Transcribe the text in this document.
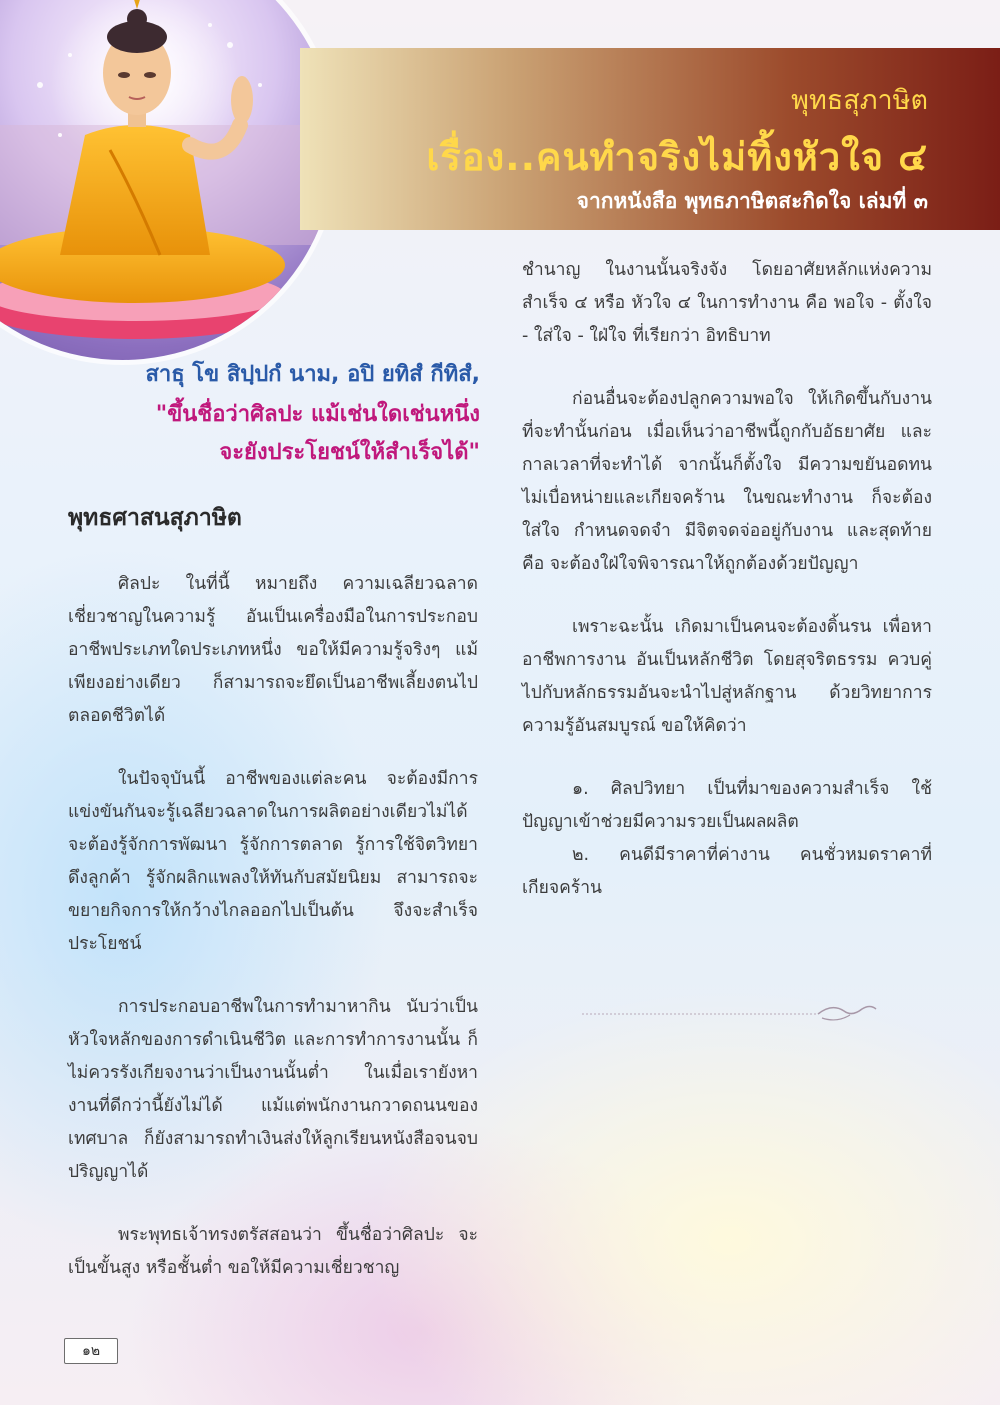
พุทธสุภาษิต
เรื่อง..คนทำจริงไม่ทิ้งหัวใจ ๔
จากหนังสือ พุทธภาษิตสะกิดใจ เล่มที่ ๓
สาธุ โข สิปฺปกํ นาม, อปิ ยทิสํ กีทิสํ,
"ขึ้นชื่อว่าศิลปะ แม้เช่นใดเช่นหนึ่ง
จะยังประโยชน์ให้สำเร็จได้"
พุทธศาสนสุภาษิต

ศิลปะ ในที่นี้ หมายถึง ความเฉลียวฉลาด เชี่ยวชาญในความรู้ อันเป็นเครื่องมือในการประกอบอาชีพประเภทใดประเภทหนึ่ง ขอให้มีความรู้จริงๆ แม้เพียงอย่างเดียว ก็สามารถจะยึดเป็นอาชีพเลี้ยงตนไปตลอดชีวิตได้

ในปัจจุบันนี้ อาชีพของแต่ละคน จะต้องมีการแข่งขันกันจะรู้เฉลียวฉลาดในการผลิตอย่างเดียวไม่ได้ จะต้องรู้จักการพัฒนา รู้จักการตลาด รู้การใช้จิตวิทยาดึงลูกค้า รู้จักผลิกแพลงให้ทันกับสมัยนิยม สามารถจะขยายกิจการให้กว้างไกลออกไปเป็นต้น จึงจะสำเร็จประโยชน์

การประกอบอาชีพในการทำมาหากิน นับว่าเป็นหัวใจหลักของการดำเนินชีวิต และการทำการงานนั้น ก็ไม่ควรรังเกียจงานว่าเป็นงานนั้นต่ำ ในเมื่อเรายังหางานที่ดีกว่านี้ยังไม่ได้ แม้แต่พนักงานกวาดถนนของเทศบาล ก็ยังสามารถทำเงินส่งให้ลูกเรียนหนังสือจนจบปริญญาได้

พระพุทธเจ้าทรงตรัสสอนว่า ขึ้นชื่อว่าศิลปะ จะเป็นขั้นสูง หรือชั้นต่ำ ขอให้มีความเชี่ยวชาญ

ชำนาญ ในงานนั้นจริงจัง โดยอาศัยหลักแห่งความสำเร็จ ๔ หรือ หัวใจ ๔ ในการทำงาน คือ พอใจ - ตั้งใจ - ใส่ใจ - ใฝ่ใจ ที่เรียกว่า อิทธิบาท

ก่อนอื่นจะต้องปลูกความพอใจ ให้เกิดขึ้นกับงานที่จะทำนั้นก่อน เมื่อเห็นว่าอาชีพนี้ถูกกับอัธยาศัย และกาลเวลาที่จะทำได้ จากนั้นก็ตั้งใจ มีความขยันอดทน ไม่เบื่อหน่ายและเกียจคร้าน ในขณะทำงาน ก็จะต้องใส่ใจ กำหนดจดจำ มีจิตจดจ่ออยู่กับงาน และสุดท้าย คือ จะต้องใฝ่ใจพิจารณาให้ถูกต้องด้วยปัญญา

เพราะฉะนั้น เกิดมาเป็นคนจะต้องดิ้นรน เพื่อหาอาชีพการงาน อันเป็นหลักชีวิต โดยสุจริตธรรม ควบคู่ไปกับหลักธรรมอันจะนำไปสู่หลักฐาน ด้วยวิทยาการความรู้อันสมบูรณ์ ขอให้คิดว่า

๑. ศิลปวิทยา เป็นที่มาของความสำเร็จ ใช้ปัญญาเข้าช่วยมีความรวยเป็นผลผลิต

๒. คนดีมีราคาที่ค่างาน คนชั่วหมดราคาที่เกียจคร้าน

๑๒
